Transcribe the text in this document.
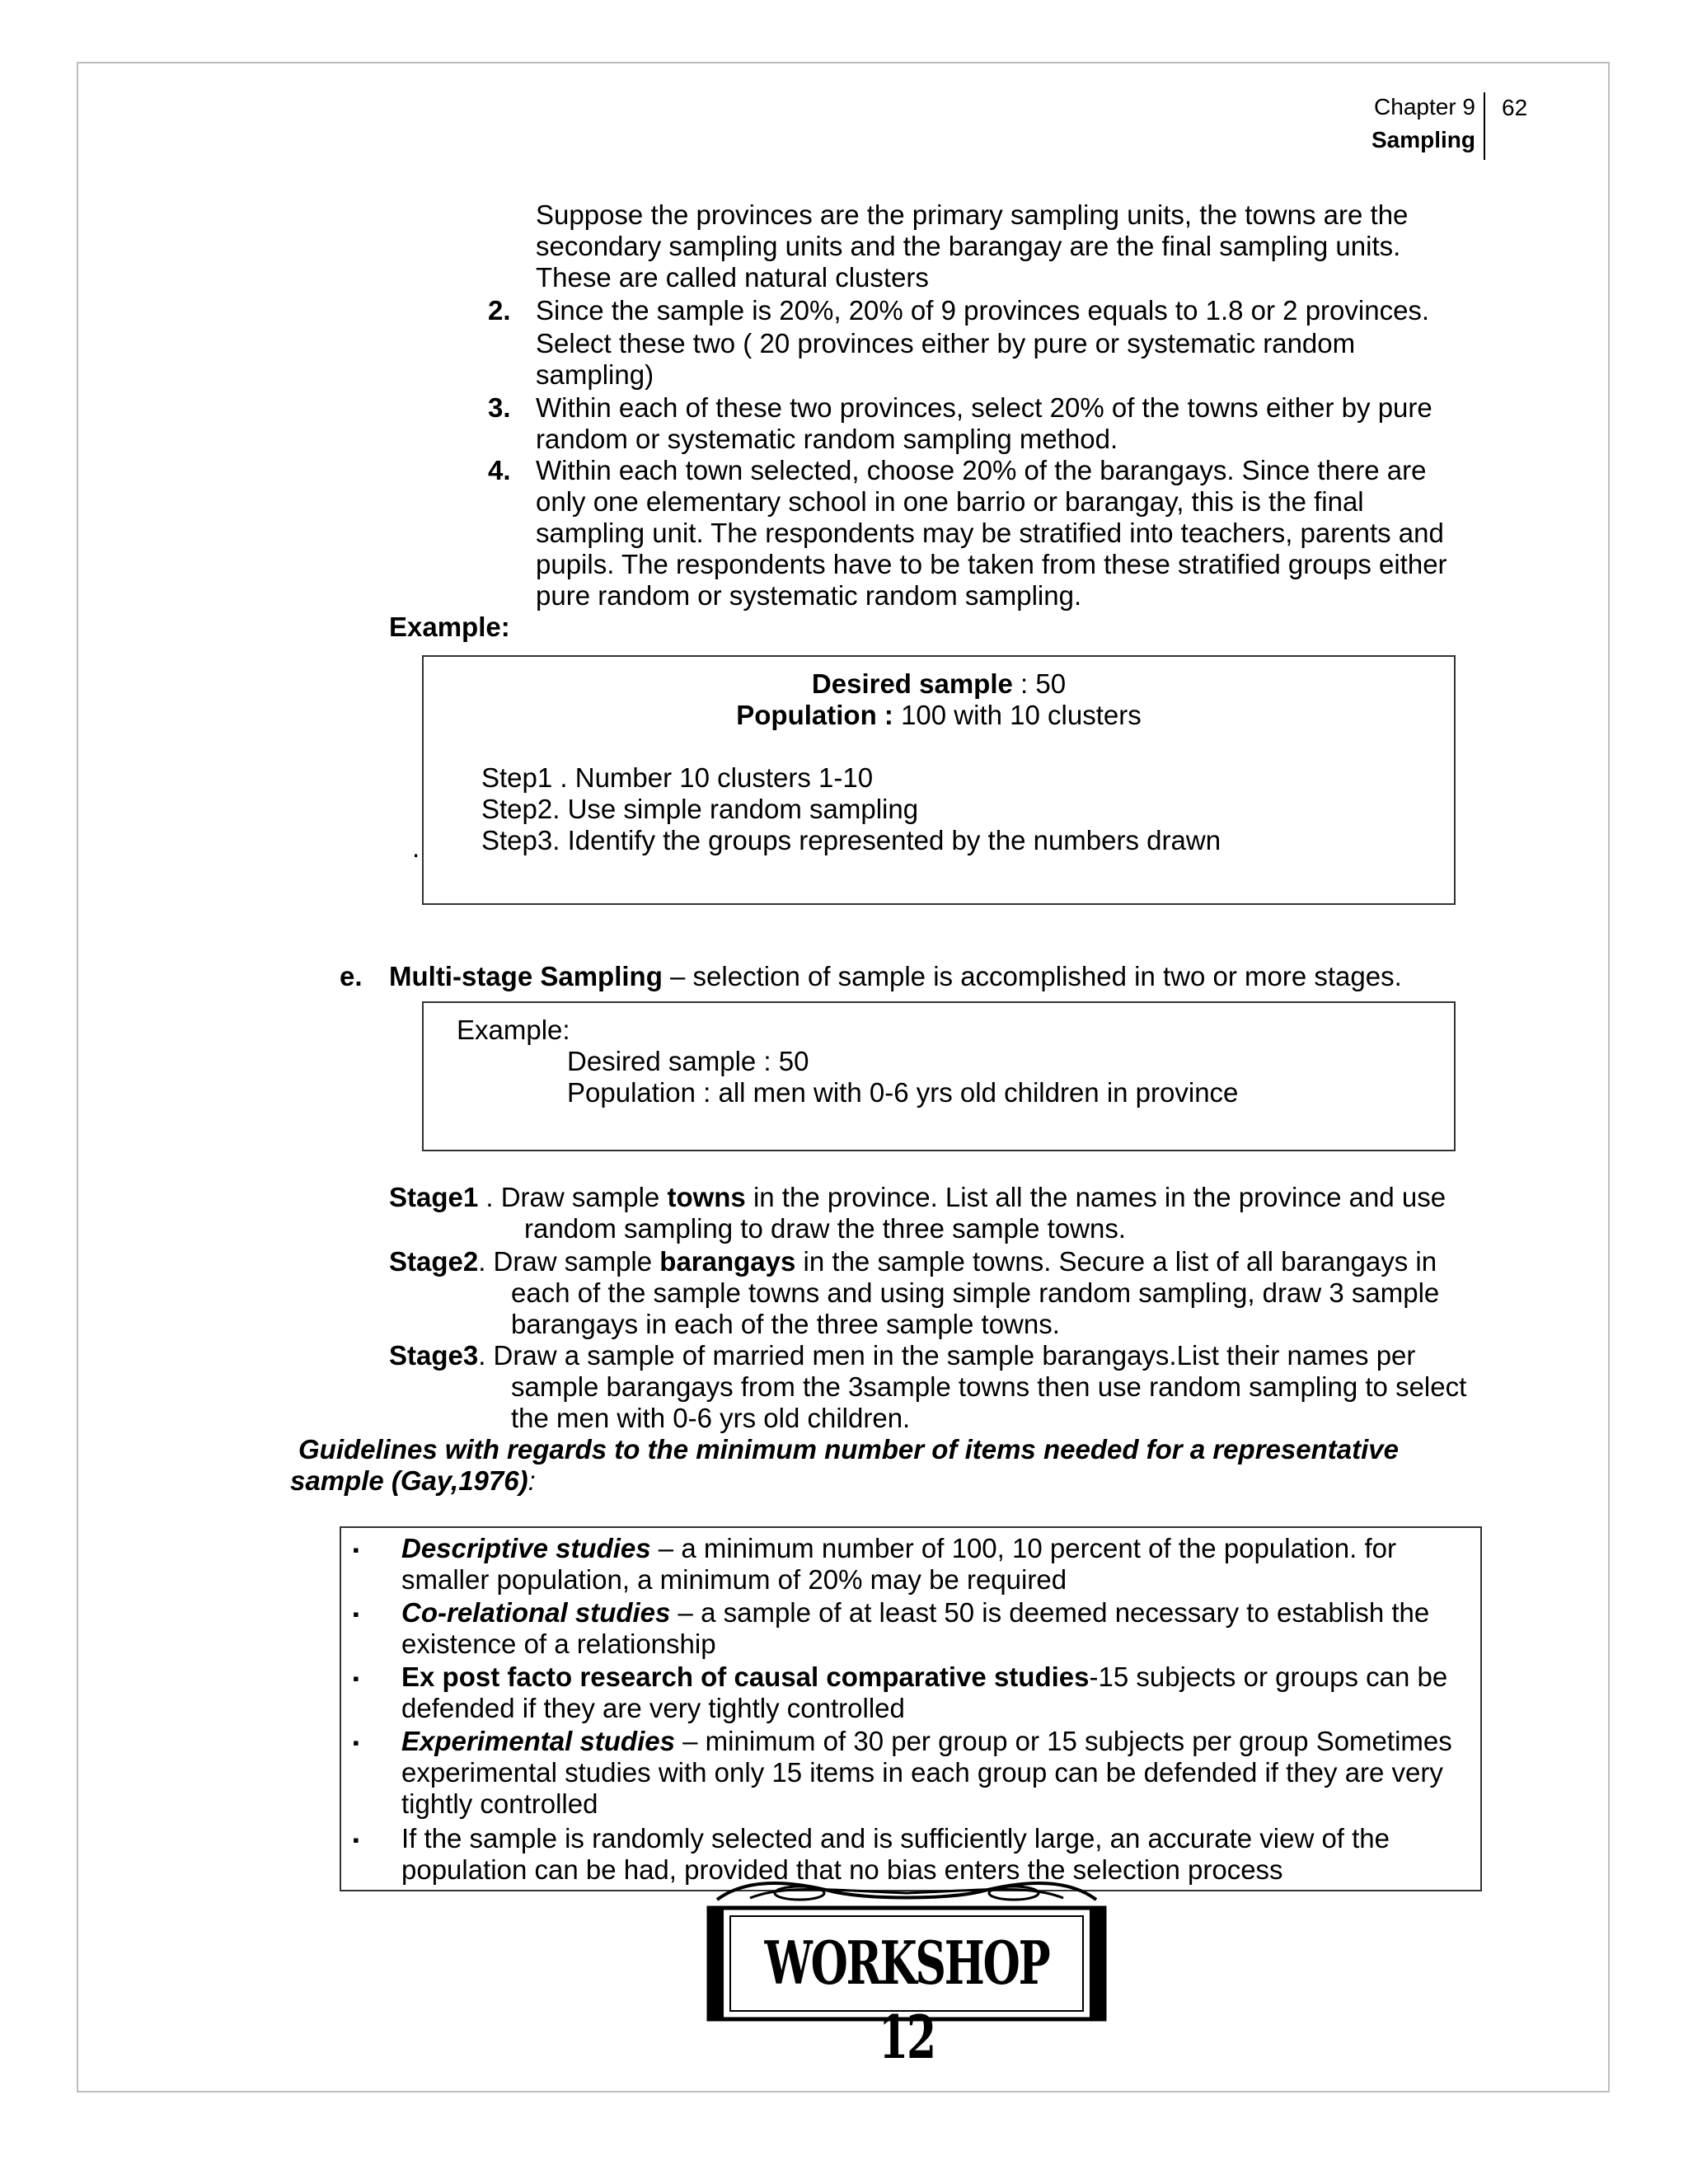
Chapter 9
Sampling
62
Suppose the provinces are the primary sampling units, the towns are the
secondary sampling units and the barangay are the final sampling units.
These are called natural clusters
2. Since the sample is 20%, 20% of 9 provinces equals to 1.8 or 2 provinces.
Select these two ( 20 provinces either by pure or systematic random
sampling)
3. Within each of these two provinces, select 20% of the towns either by pure
random or systematic random sampling method.
4. Within each town selected, choose 20% of the barangays. Since there are
only one elementary school in one barrio or barangay, this is the final
sampling unit. The respondents may be stratified into teachers, parents and
pupils. The respondents have to be taken from these stratified groups either
pure random or systematic random sampling.
Example:
Desired sample : 50
Population : 100 with 10 clusters
Step1 . Number 10 clusters 1-10
Step2. Use simple random sampling
Step3. Identify the groups represented by the numbers drawn
.
e. Multi-stage Sampling – selection of sample is accomplished in two or more stages.
Example:
Desired sample : 50
Population : all men with 0-6 yrs old children in province
Stage1 . Draw sample towns in the province. List all the names in the province and use
random sampling to draw the three sample towns.
Stage2. Draw sample barangays in the sample towns. Secure a list of all barangays in
each of the sample towns and using simple random sampling, draw 3 sample
barangays in each of the three sample towns.
Stage3. Draw a sample of married men in the sample barangays.List their names per
sample barangays from the 3sample towns then use random sampling to select
the men with 0-6 yrs old children.
Guidelines with regards to the minimum number of items needed for a representative
sample (Gay,1976):
▪ Descriptive studies – a minimum number of 100, 10 percent of the population. for
smaller population, a minimum of 20% may be required
▪ Co-relational studies – a sample of at least 50 is deemed necessary to establish the
existence of a relationship
▪ Ex post facto research of causal comparative studies-15 subjects or groups can be
defended if they are very tightly controlled
▪ Experimental studies – minimum of 30 per group or 15 subjects per group Sometimes
experimental studies with only 15 items in each group can be defended if they are very
tightly controlled
▪ If the sample is randomly selected and is sufficiently large, an accurate view of the
population can be had, provided that no bias enters the selection process
WORKSHOP 12
